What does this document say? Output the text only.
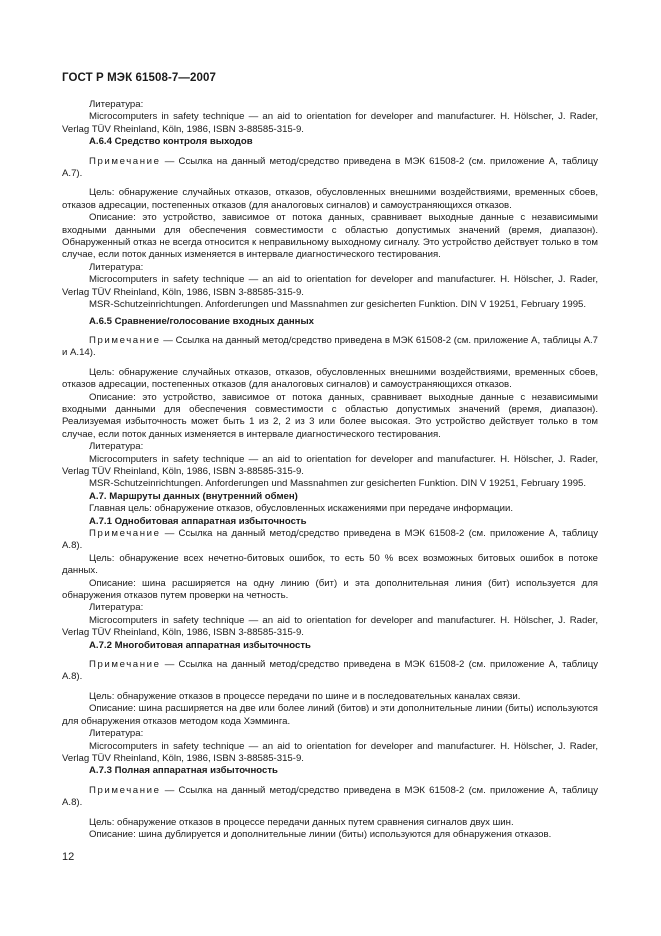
ГОСТ Р МЭК 61508-7—2007

Литература:

Microcomputers in safety technique — an aid to orientation for developer and manufacturer. H. Hölscher, J. Rader, Verlag TÜV Rheinland, Köln, 1986, ISBN 3-88585-315-9.

А.6.4 Средство контроля выходов

Примечание — Ссылка на данный метод/средство приведена в МЭК 61508-2 (см. приложение А, таблицу А.7).

Цель: обнаружение случайных отказов, отказов, обусловленных внешними воздействиями, временных сбоев, отказов адресации, постепенных отказов (для аналоговых сигналов) и самоустраняющихся отказов.

Описание: это устройство, зависимое от потока данных, сравнивает выходные данные с независимыми входными данными для обеспечения совместимости с областью допустимых значений (время, диапазон). Обнаруженный отказ не всегда относится к неправильному выходному сигналу. Это устройство действует только в том случае, если поток данных изменяется в интервале диагностического тестирования.

Литература:

Microcomputers in safety technique — an aid to orientation for developer and manufacturer. H. Hölscher, J. Rader, Verlag TÜV Rheinland, Köln, 1986, ISBN 3-88585-315-9.

MSR-Schutzeinrichtungen. Anforderungen und Massnahmen zur gesicherten Funktion. DIN V 19251, February 1995.

А.6.5 Сравнение/голосование входных данных

Примечание — Ссылка на данный метод/средство приведена в МЭК 61508-2 (см. приложение А, таблицы А.7 и А.14).

Цель: обнаружение случайных отказов, отказов, обусловленных внешними воздействиями, временных сбоев, отказов адресации, постепенных отказов (для аналоговых сигналов) и самоустраняющихся отказов.

Описание: это устройство, зависимое от потока данных, сравнивает выходные данные с независимыми входными данными для обеспечения совместимости с областью допустимых значений (время, диапазон). Реализуемая избыточность может быть 1 из 2, 2 из 3 или более высокая. Это устройство действует только в том случае, если поток данных изменяется в интервале диагностического тестирования.

Литература:

Microcomputers in safety technique — an aid to orientation for developer and manufacturer. H. Hölscher, J. Rader, Verlag TÜV Rheinland, Köln, 1986, ISBN 3-88585-315-9.

MSR-Schutzeinrichtungen. Anforderungen und Massnahmen zur gesicherten Funktion. DIN V 19251, February 1995.

А.7. Маршруты данных (внутренний обмен)

Главная цель: обнаружение отказов, обусловленных искажениями при передаче информации.

А.7.1 Однобитовая аппаратная избыточность

Примечание — Ссылка на данный метод/средство приведена в МЭК 61508-2 (см. приложение А, таблицу А.8).

Цель: обнаружение всех нечетно-битовых ошибок, то есть 50 % всех возможных битовых ошибок в потоке данных.

Описание: шина расширяется на одну линию (бит) и эта дополнительная линия (бит) используется для обнаружения отказов путем проверки на четность.

Литература:

Microcomputers in safety technique — an aid to orientation for developer and manufacturer. H. Hölscher, J. Rader, Verlag TÜV Rheinland, Köln, 1986, ISBN 3-88585-315-9.

А.7.2 Многобитовая аппаратная избыточность

Примечание — Ссылка на данный метод/средство приведена в МЭК 61508-2 (см. приложение А, таблицу А.8).

Цель: обнаружение отказов в процессе передачи по шине и в последовательных каналах связи.

Описание: шина расширяется на две или более линий (битов) и эти дополнительные линии (биты) используются для обнаружения отказов методом кода Хэмминга.

Литература:

Microcomputers in safety technique — an aid to orientation for developer and manufacturer. H. Hölscher, J. Rader, Verlag TÜV Rheinland, Köln, 1986, ISBN 3-88585-315-9.

А.7.3 Полная аппаратная избыточность

Примечание — Ссылка на данный метод/средство приведена в МЭК 61508-2 (см. приложение А, таблицу А.8).

Цель: обнаружение отказов в процессе передачи данных путем сравнения сигналов двух шин.

Описание: шина дублируется и дополнительные линии (биты) используются для обнаружения отказов.

12
